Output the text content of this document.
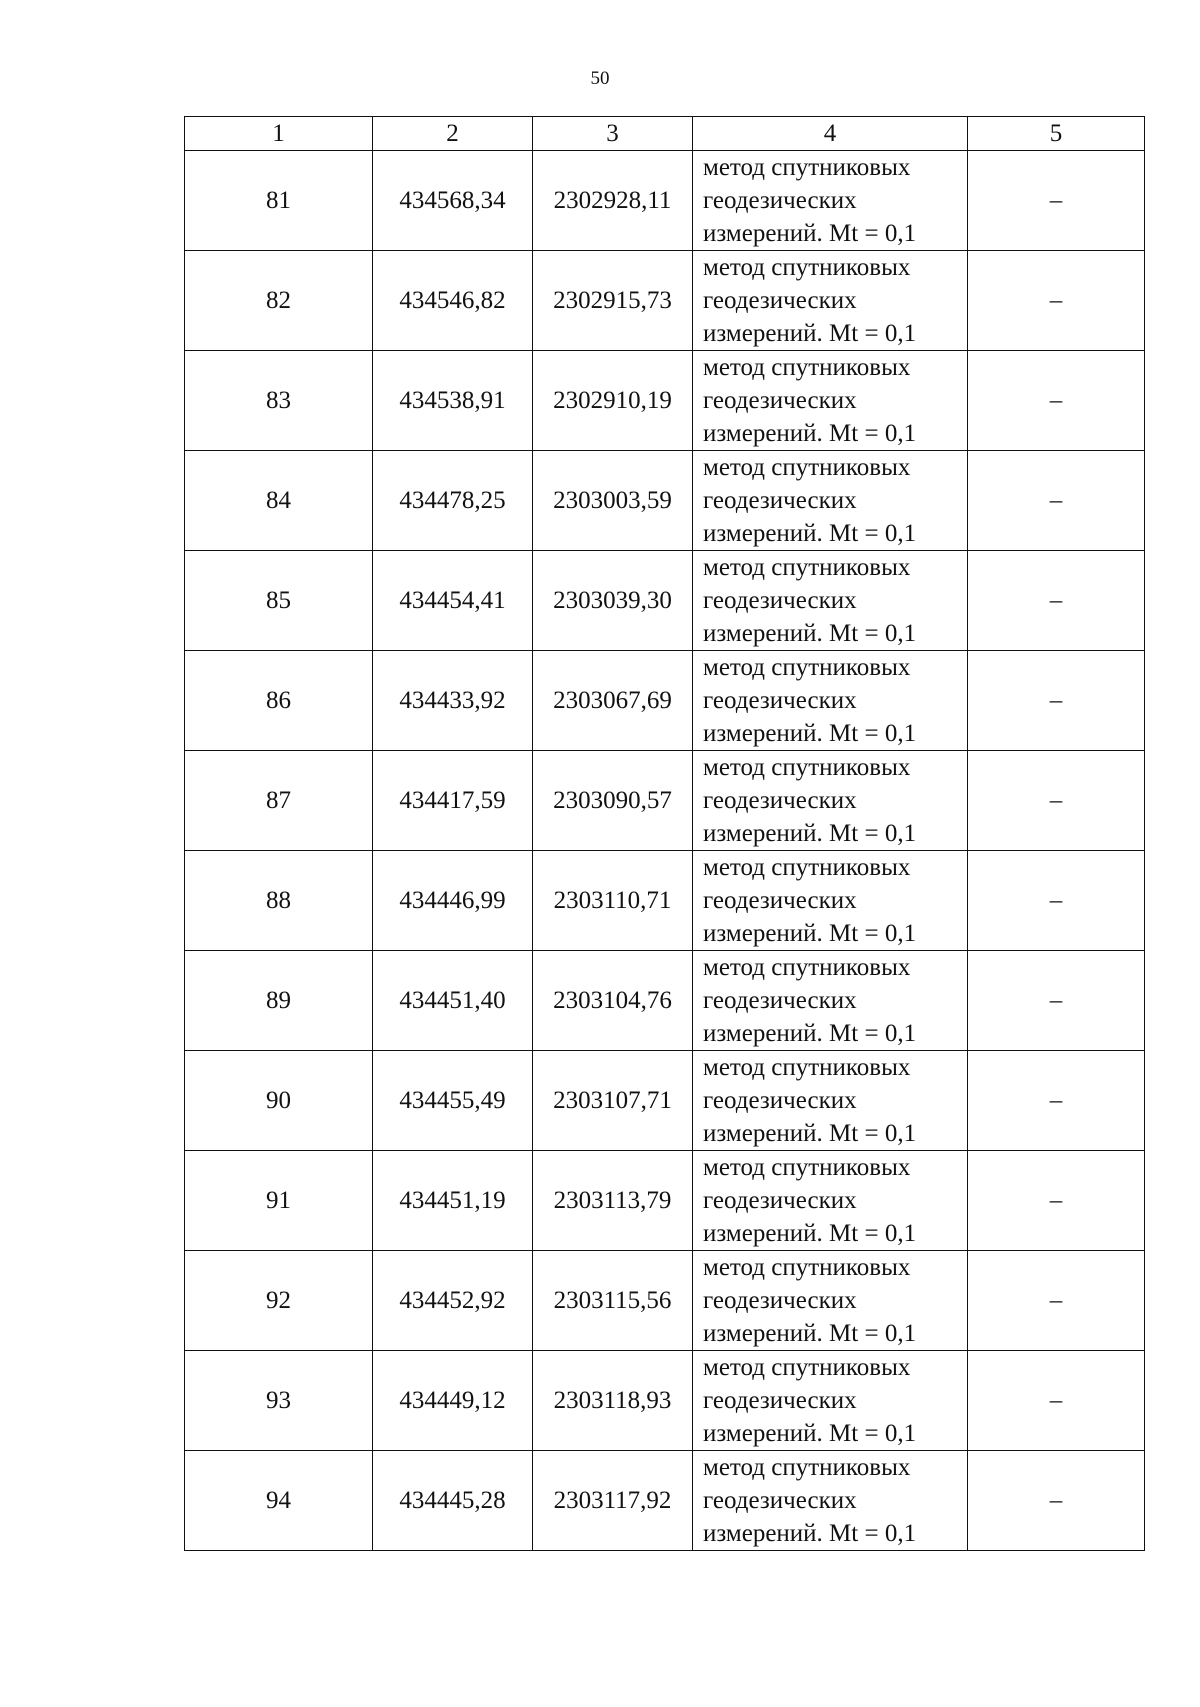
50
1	2	3	4	5
81	434568,34	2302928,11	метод спутниковых
геодезических
измерений. Mt = 0,1	–
82	434546,82	2302915,73	метод спутниковых
геодезических
измерений. Mt = 0,1	–
83	434538,91	2302910,19	метод спутниковых
геодезических
измерений. Mt = 0,1	–
84	434478,25	2303003,59	метод спутниковых
геодезических
измерений. Mt = 0,1	–
85	434454,41	2303039,30	метод спутниковых
геодезических
измерений. Mt = 0,1	–
86	434433,92	2303067,69	метод спутниковых
геодезических
измерений. Mt = 0,1	–
87	434417,59	2303090,57	метод спутниковых
геодезических
измерений. Mt = 0,1	–
88	434446,99	2303110,71	метод спутниковых
геодезических
измерений. Mt = 0,1	–
89	434451,40	2303104,76	метод спутниковых
геодезических
измерений. Mt = 0,1	–
90	434455,49	2303107,71	метод спутниковых
геодезических
измерений. Mt = 0,1	–
91	434451,19	2303113,79	метод спутниковых
геодезических
измерений. Mt = 0,1	–
92	434452,92	2303115,56	метод спутниковых
геодезических
измерений. Mt = 0,1	–
93	434449,12	2303118,93	метод спутниковых
геодезических
измерений. Mt = 0,1	–
94	434445,28	2303117,92	метод спутниковых
геодезических
измерений. Mt = 0,1	–
